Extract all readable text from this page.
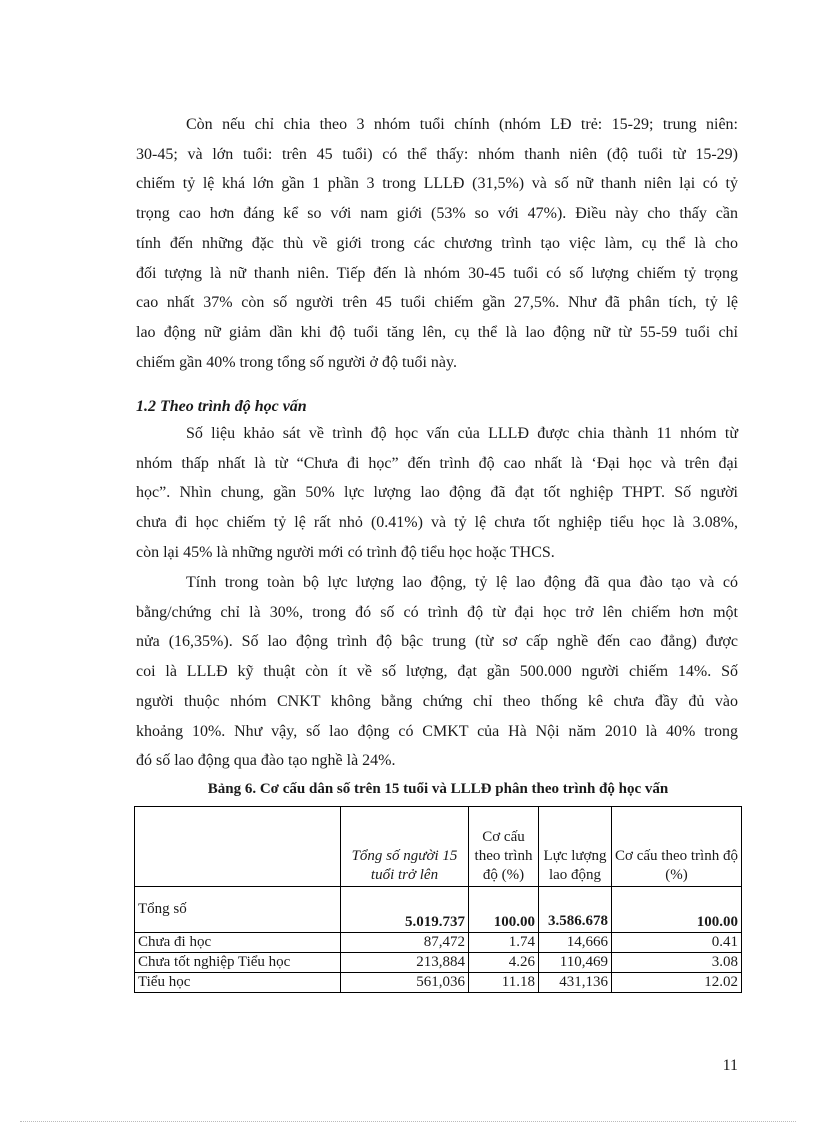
Còn nếu chỉ chia theo 3 nhóm tuổi chính (nhóm LĐ trẻ: 15-29; trung niên:
30-45; và lớn tuổi: trên 45 tuổi) có thể thấy: nhóm thanh niên (độ tuổi từ 15-29)
chiếm tỷ lệ khá lớn gần 1 phần 3 trong LLLĐ (31,5%) và số nữ thanh niên lại có tỷ
trọng cao hơn đáng kể so với nam giới (53% so với 47%). Điều này cho thấy cần
tính đến những đặc thù về giới trong các chương trình tạo việc làm, cụ thể là cho
đối tượng là nữ thanh niên. Tiếp đến là nhóm 30-45 tuổi có số lượng chiếm tỷ trọng
cao nhất 37% còn số người trên 45 tuổi chiếm gần 27,5%. Như đã phân tích, tỷ lệ
lao động nữ giảm dần khi độ tuổi tăng lên, cụ thể là lao động nữ từ 55-59 tuổi chỉ
chiếm gần 40% trong tổng số người ở độ tuổi này.

1.2 Theo trình độ học vấn

Số liệu khảo sát về trình độ học vấn của LLLĐ được chia thành 11 nhóm từ
nhóm thấp nhất là từ “Chưa đi học” đến trình độ cao nhất là ‘Đại học và trên đại
học”. Nhìn chung, gần 50% lực lượng lao động đã đạt tốt nghiệp THPT. Số người
chưa đi học chiếm tỷ lệ rất nhỏ (0.41%) và tỷ lệ chưa tốt nghiệp tiểu học là 3.08%,
còn lại 45% là những người mới có trình độ tiểu học hoặc THCS.

Tính trong toàn bộ lực lượng lao động, tỷ lệ lao động đã qua đào tạo và có
bằng/chứng chỉ là 30%, trong đó số có trình độ từ đại học trở lên chiếm hơn một
nửa (16,35%). Số lao động trình độ bậc trung (từ sơ cấp nghề đến cao đẳng) được
coi là LLLĐ kỹ thuật còn ít về số lượng, đạt gần 500.000 người chiếm 14%. Số
người thuộc nhóm CNKT không bằng chứng chỉ theo thống kê chưa đầy đủ vào
khoảng 10%. Như vậy, số lao động có CMKT của Hà Nội năm 2010 là 40% trong
đó số lao động qua đào tạo nghề là 24%.

Bảng 6. Cơ cấu dân số trên 15 tuổi và LLLĐ phân theo trình độ học vấn

	Tổng số người 15 tuổi trở lên	Cơ cấu theo trình độ (%)	Lực lượng lao động	Cơ cấu theo trình độ (%)
Tổng số	5.019.737	100.00	3.586.678	100.00
Chưa đi học	87,472	1.74	14,666	0.41
Chưa tốt nghiệp Tiểu học	213,884	4.26	110,469	3.08
Tiểu học	561,036	11.18	431,136	12.02

11
